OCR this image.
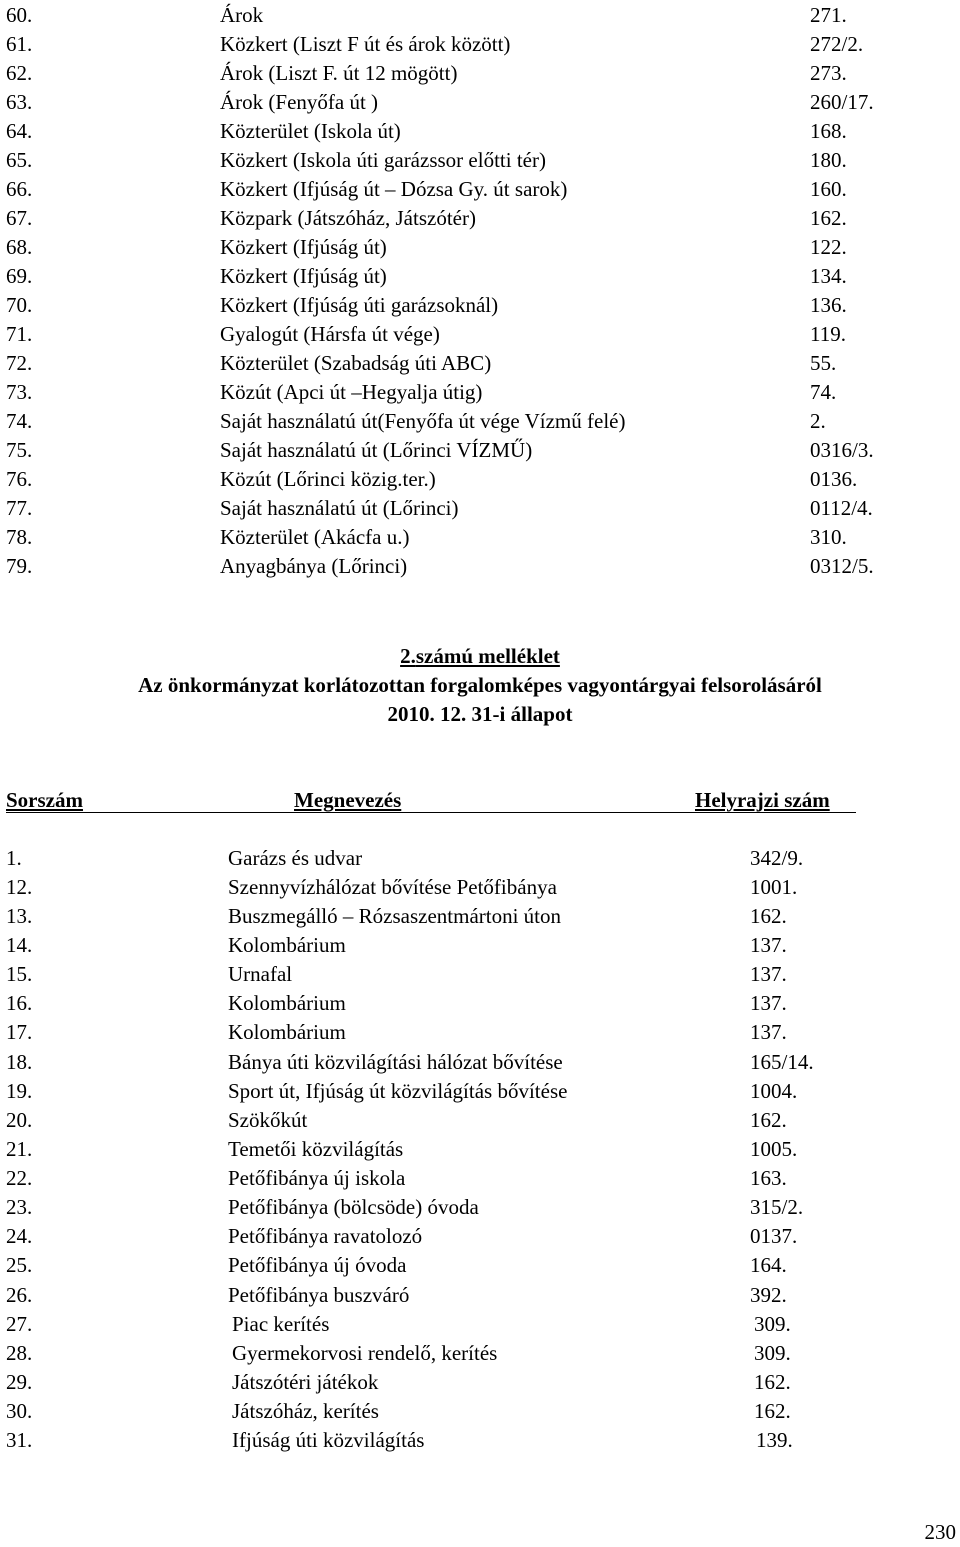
60.	Árok	271.
61.	Közkert (Liszt F út és árok között)	272/2.
62.	Árok (Liszt F. út 12 mögött)	273.
63.	Árok (Fenyőfa út )	260/17.
64.	Közterület (Iskola út)	168.
65.	Közkert (Iskola úti garázssor előtti tér)	180.
66.	Közkert (Ifjúság út – Dózsa Gy. út sarok)	160.
67.	Közpark (Játszóház, Játszótér)	162.
68.	Közkert (Ifjúság út)	122.
69.	Közkert (Ifjúság út)	134.
70.	Közkert (Ifjúság úti garázsoknál)	136.
71.	Gyalogút (Hársfa út vége)	119.
72.	Közterület (Szabadság úti ABC)	55.
73.	Közút (Apci út –Hegyalja útig)	74.
74.	Saját használatú út(Fenyőfa út vége Vízmű felé)	2.
75.	Saját használatú út (Lőrinci VÍZMŰ)	0316/3.
76.	Közút (Lőrinci közig.ter.)	0136.
77.	Saját használatú út (Lőrinci)	0112/4.
78.	Közterület (Akácfa u.)	310.
79.	Anyagbánya (Lőrinci)	0312/5.
2.számú melléklet
Az önkormányzat korlátozottan forgalomképes vagyontárgyai felsorolásáról
2010. 12. 31-i állapot
Sorszám	Megnevezés	Helyrajzi szám
1.	Garázs és udvar	342/9.
12.	Szennyvízhálózat bővítése Petőfibánya	1001.
13.	Buszmegálló – Rózsaszentmártoni úton	162.
14.	Kolombárium	137.
15.	Urnafal	137.
16.	Kolombárium	137.
17.	Kolombárium	137.
18.	Bánya úti közvilágítási hálózat bővítése	165/14.
19.	Sport út, Ifjúság út közvilágítás bővítése	1004.
20.	Szökőkút	162.
21.	Temetői közvilágítás	1005.
22.	Petőfibánya új iskola	163.
23.	Petőfibánya (bölcsöde) óvoda	315/2.
24.	Petőfibánya ravatolozó	0137.
25.	Petőfibánya új óvoda	164.
26.	Petőfibánya buszváró	392.
27.	Piac kerítés	309.
28.	Gyermekorvosi rendelő, kerítés	309.
29.	Játszótéri játékok	162.
30.	Játszóház, kerítés	162.
31.	Ifjúság úti közvilágítás	139.
230
